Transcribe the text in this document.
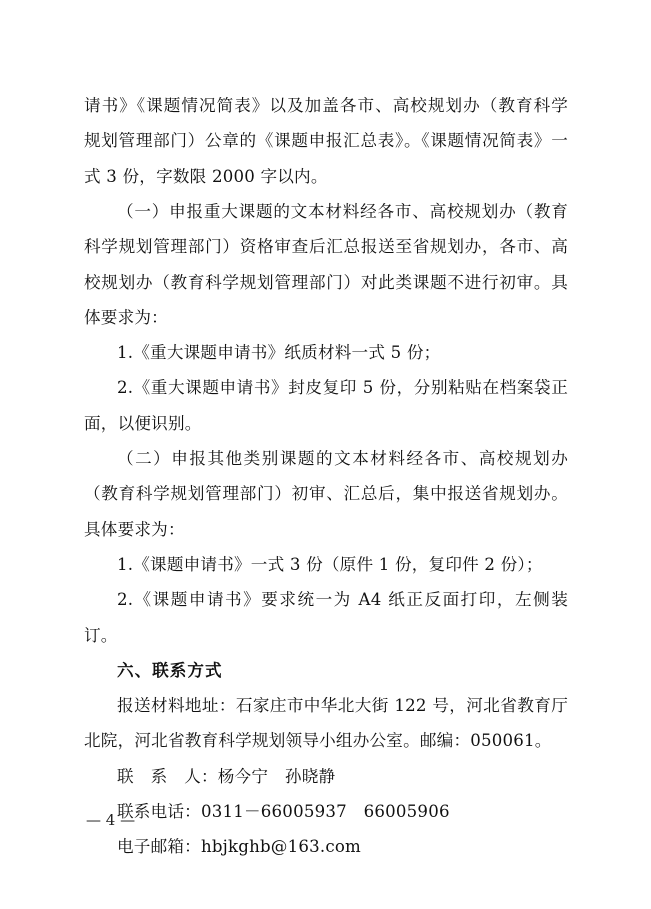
请书》《课题情况简表》以及加盖各市、高校规划办（教育科学
规划管理部门）公章的《课题申报汇总表》。《课题情况简表》一
式 3 份，字数限 2000 字以内。
（一）申报重大课题的文本材料经各市、高校规划办（教育
科学规划管理部门）资格审查后汇总报送至省规划办，各市、高
校规划办（教育科学规划管理部门）对此类课题不进行初审。具
体要求为：
1.《重大课题申请书》纸质材料一式 5 份；
2.《重大课题申请书》封皮复印 5 份，分别粘贴在档案袋正
面，以便识别。
（二）申报其他类别课题的文本材料经各市、高校规划办
（教育科学规划管理部门）初审、汇总后，集中报送省规划办。
具体要求为：
1.《课题申请书》一式 3 份（原件 1 份，复印件 2 份）；
2.《课题申请书》要求统一为 A4 纸正反面打印，左侧装
订。
六、联系方式
报送材料地址：石家庄市中华北大街 122 号，河北省教育厅
北院，河北省教育科学规划领导小组办公室。邮编：050061。
联　系　人：杨今宁　孙晓静
联系电话：0311－66005937　66005906
电子邮箱：hbjkghb@163.com
— 4 —
